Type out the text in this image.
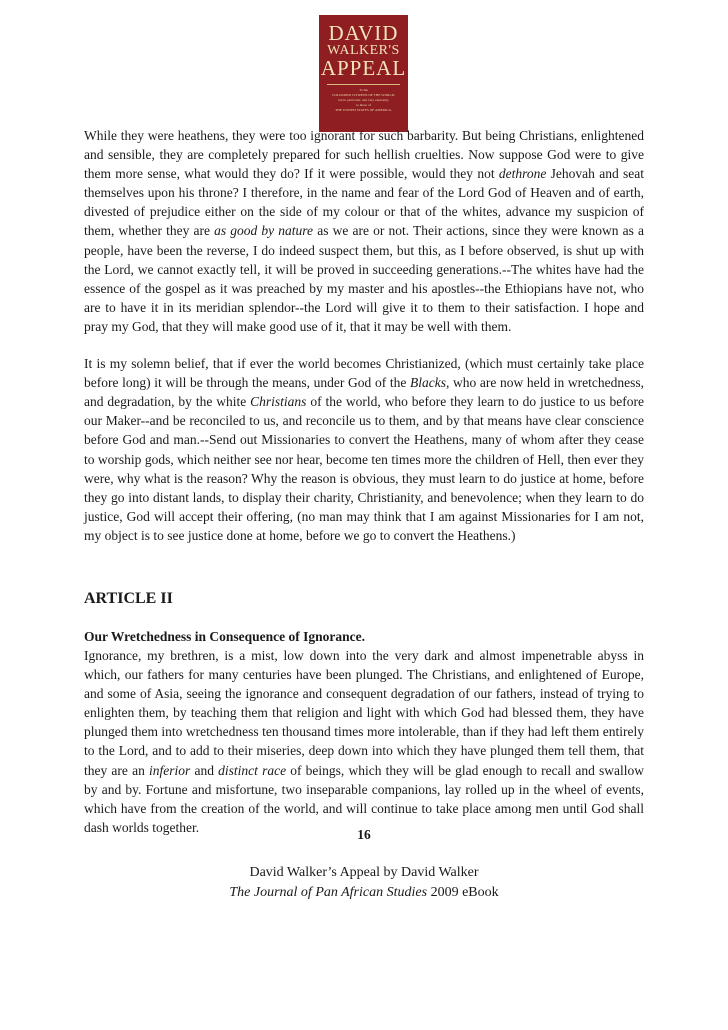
DAVID
WALKER'S
APPEAL
To the
COLOURED CITIZENS OF THE WORLD,
but in particular, and very expressly,
to those of
THE UNITED STATES OF AMERICA.

While they were heathens, they were too ignorant for such barbarity. But being Christians, enlightened and sensible, they are completely prepared for such hellish cruelties. Now suppose God were to give them more sense, what would they do? If it were possible, would they not dethrone Jehovah and seat themselves upon his throne? I therefore, in the name and fear of the Lord God of Heaven and of earth, divested of prejudice either on the side of my colour or that of the whites, advance my suspicion of them, whether they are as good by nature as we are or not. Their actions, since they were known as a people, have been the reverse, I do indeed suspect them, but this, as I before observed, is shut up with the Lord, we cannot exactly tell, it will be proved in succeeding generations.--The whites have had the essence of the gospel as it was preached by my master and his apostles--the Ethiopians have not, who are to have it in its meridian splendor--the Lord will give it to them to their satisfaction. I hope and pray my God, that they will make good use of it, that it may be well with them.

It is my solemn belief, that if ever the world becomes Christianized, (which must certainly take place before long) it will be through the means, under God of the Blacks, who are now held in wretchedness, and degradation, by the white Christians of the world, who before they learn to do justice to us before our Maker--and be reconciled to us, and reconcile us to them, and by that means have clear conscience before God and man.--Send out Missionaries to convert the Heathens, many of whom after they cease to worship gods, which neither see nor hear, become ten times more the children of Hell, then ever they were, why what is the reason? Why the reason is obvious, they must learn to do justice at home, before they go into distant lands, to display their charity, Christianity, and benevolence; when they learn to do justice, God will accept their offering, (no man may think that I am against Missionaries for I am not, my object is to see justice done at home, before we go to convert the Heathens.)

ARTICLE II
Our Wretchedness in Consequence of Ignorance.

Ignorance, my brethren, is a mist, low down into the very dark and almost impenetrable abyss in which, our fathers for many centuries have been plunged. The Christians, and enlightened of Europe, and some of Asia, seeing the ignorance and consequent degradation of our fathers, instead of trying to enlighten them, by teaching them that religion and light with which God had blessed them, they have plunged them into wretchedness ten thousand times more intolerable, than if they had left them entirely to the Lord, and to add to their miseries, deep down into which they have plunged them tell them, that they are an inferior and distinct race of beings, which they will be glad enough to recall and swallow by and by. Fortune and misfortune, two inseparable companions, lay rolled up in the wheel of events, which have from the creation of the world, and will continue to take place among men until God shall dash worlds together.	16
David Walker’s Appeal by David Walker
The Journal of Pan African Studies 2009 eBook
